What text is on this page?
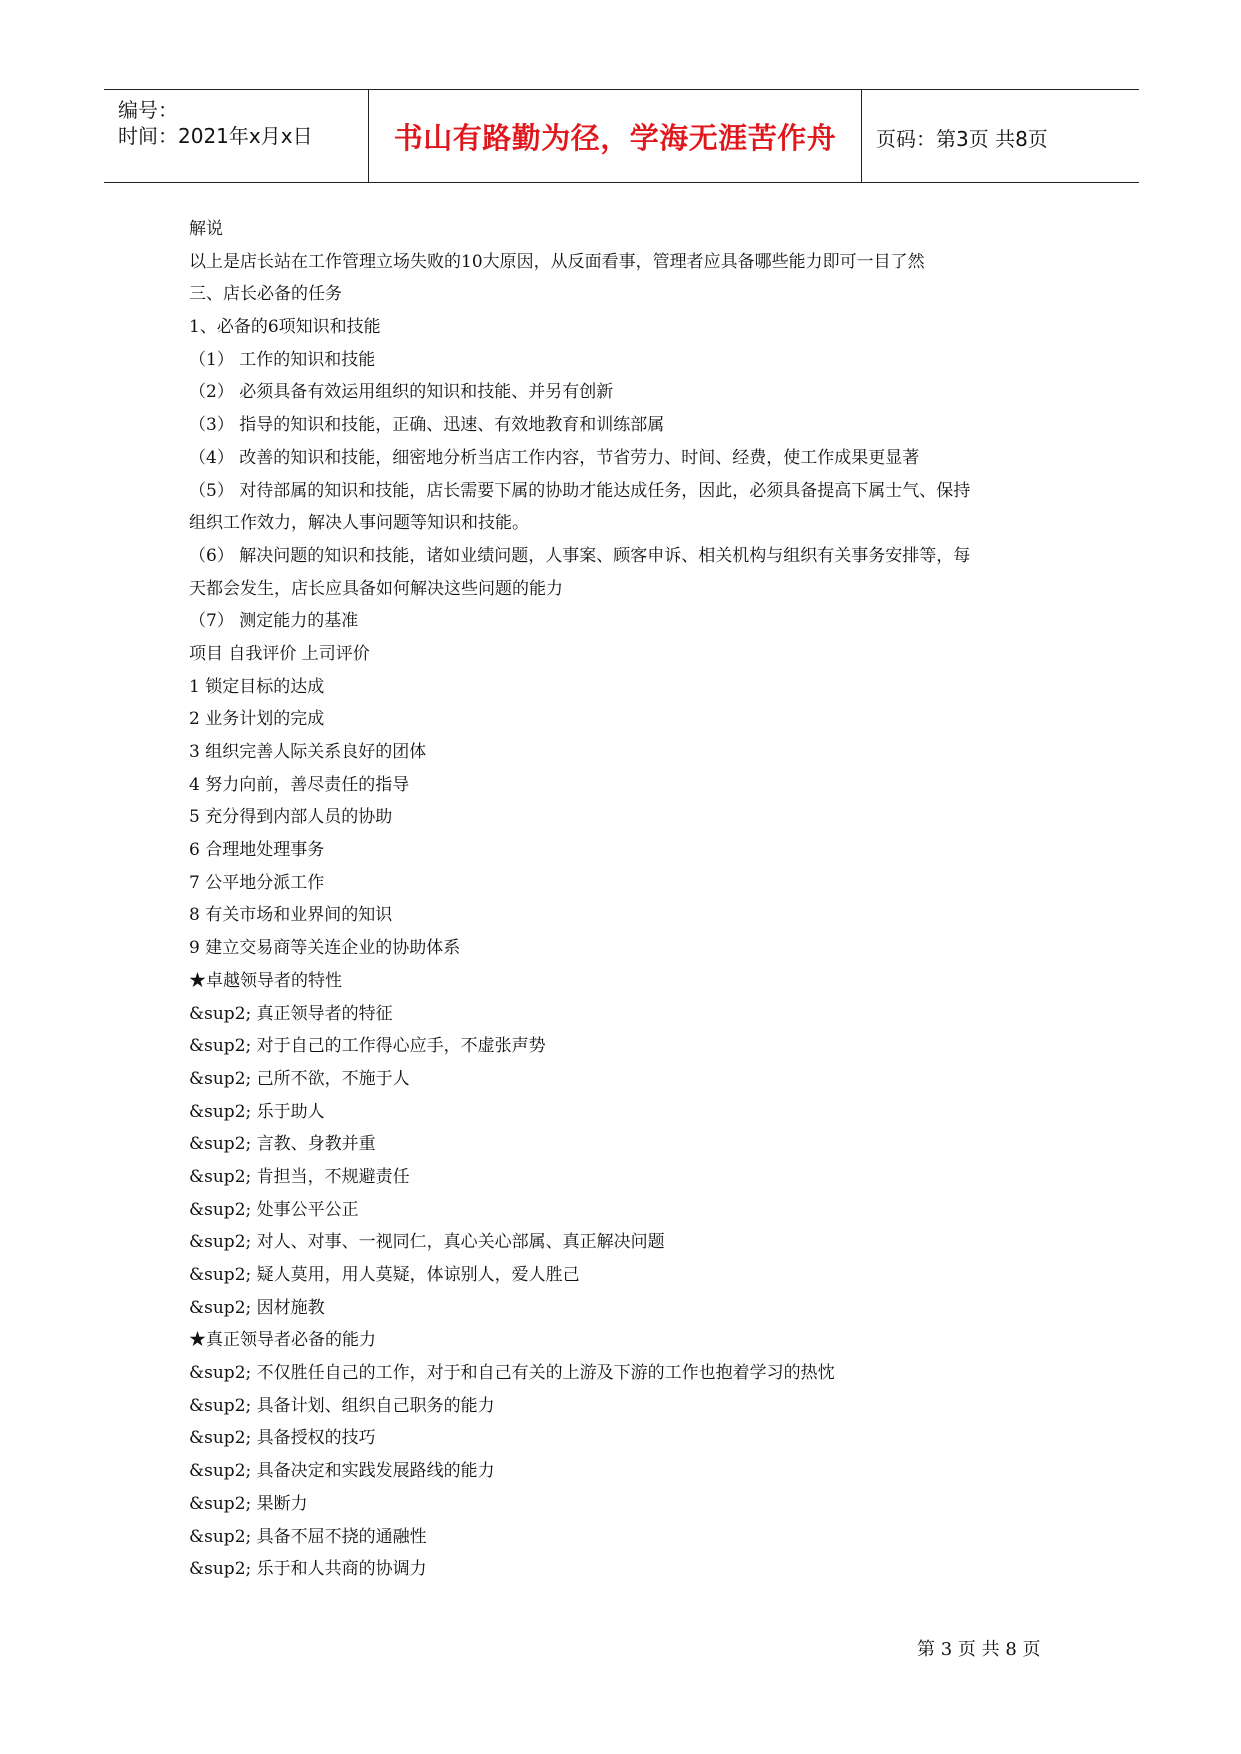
编号：
时间：2021年x月x日	书山有路勤为径，学海无涯苦作舟	页码：第3页 共8页
解说
以上是店长站在工作管理立场失败的10大原因，从反面看事，管理者应具备哪些能力即可一目了然
三、店长必备的任务
1、必备的6项知识和技能
（1） 工作的知识和技能
（2） 必须具备有效运用组织的知识和技能、并另有创新
（3） 指导的知识和技能，正确、迅速、有效地教育和训练部属
（4） 改善的知识和技能，细密地分析当店工作内容，节省劳力、时间、经费，使工作成果更显著
（5） 对待部属的知识和技能，店长需要下属的协助才能达成任务，因此，必须具备提高下属士气、保持
组织工作效力，解决人事问题等知识和技能。
（6） 解决问题的知识和技能，诸如业绩问题，人事案、顾客申诉、相关机构与组织有关事务安排等，每
天都会发生，店长应具备如何解决这些问题的能力
（7） 测定能力的基准
项目 自我评价 上司评价
1 锁定目标的达成
2 业务计划的完成
3 组织完善人际关系良好的团体
4 努力向前，善尽责任的指导
5 充分得到内部人员的协助
6 合理地处理事务
7 公平地分派工作
8 有关市场和业界间的知识
9 建立交易商等关连企业的协助体系
★卓越领导者的特性
&sup2; 真正领导者的特征
&sup2; 对于自己的工作得心应手，不虚张声势
&sup2; 己所不欲，不施于人
&sup2; 乐于助人
&sup2; 言教、身教并重
&sup2; 肯担当，不规避责任
&sup2; 处事公平公正
&sup2; 对人、对事、一视同仁，真心关心部属、真正解决问题
&sup2; 疑人莫用，用人莫疑，体谅别人，爱人胜己
&sup2; 因材施教
★真正领导者必备的能力
&sup2; 不仅胜任自己的工作，对于和自己有关的上游及下游的工作也抱着学习的热忱
&sup2; 具备计划、组织自己职务的能力
&sup2; 具备授权的技巧
&sup2; 具备决定和实践发展路线的能力
&sup2; 果断力
&sup2; 具备不屈不挠的通融性
&sup2; 乐于和人共商的协调力
第 3 页 共 8 页
